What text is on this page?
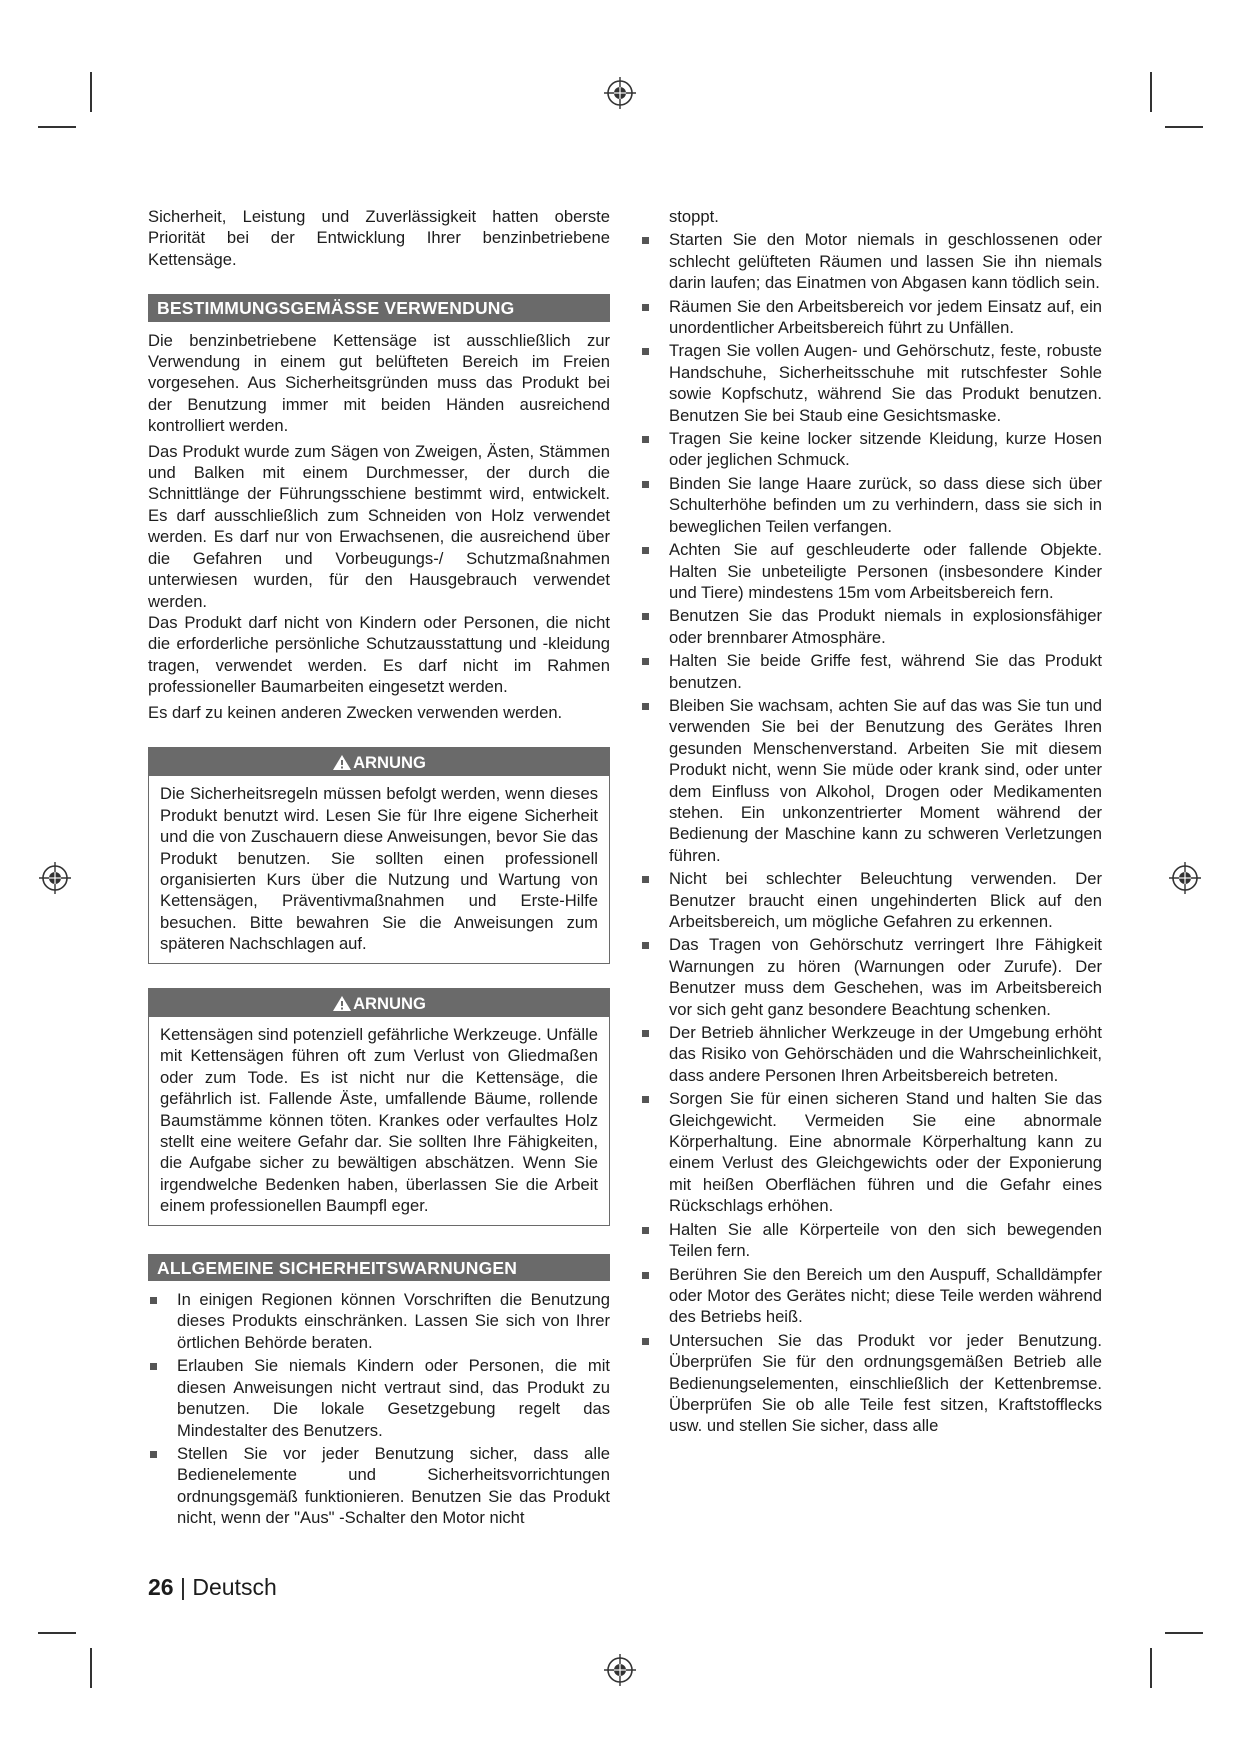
Sicherheit, Leistung und Zuverlässigkeit hatten oberste Priorität bei der Entwicklung Ihrer benzinbetriebene Kettensäge.

BESTIMMUNGSGEMÄSSE VERWENDUNG

Die benzinbetriebene Kettensäge ist ausschließlich zur Verwendung in einem gut belüfteten Bereich im Freien vorgesehen. Aus Sicherheitsgründen muss das Produkt bei der Benutzung immer mit beiden Händen ausreichend kontrolliert werden.

Das Produkt wurde zum Sägen von Zweigen, Ästen, Stämmen und Balken mit einem Durchmesser, der durch die Schnittlänge der Führungsschiene bestimmt wird, entwickelt. Es darf ausschließlich zum Schneiden von Holz verwendet werden. Es darf nur von Erwachsenen, die ausreichend über die Gefahren und Vorbeugungs-/ Schutzmaßnahmen unterwiesen wurden, für den Hausgebrauch verwendet werden.

Das Produkt darf nicht von Kindern oder Personen, die nicht die erforderliche persönliche Schutzausstattung und -kleidung tragen, verwendet werden. Es darf nicht im Rahmen professioneller Baumarbeiten eingesetzt werden.

Es darf zu keinen anderen Zwecken verwenden werden.

ARNUNG

Die Sicherheitsregeln müssen befolgt werden, wenn dieses Produkt benutzt wird. Lesen Sie für Ihre eigene Sicherheit und die von Zuschauern diese Anweisungen, bevor Sie das Produkt benutzen. Sie sollten einen professionell organisierten Kurs über die Nutzung und Wartung von Kettensägen, Präventivmaßnahmen und Erste-Hilfe besuchen. Bitte bewahren Sie die Anweisungen zum späteren Nachschlagen auf.

ARNUNG

Kettensägen sind potenziell gefährliche Werkzeuge. Unfälle mit Kettensägen führen oft zum Verlust von Gliedmaßen oder zum Tode. Es ist nicht nur die Kettensäge, die gefährlich ist. Fallende Äste, umfallende Bäume, rollende Baumstämme können töten. Krankes oder verfaultes Holz stellt eine weitere Gefahr dar. Sie sollten Ihre Fähigkeiten, die Aufgabe sicher zu bewältigen abschätzen. Wenn Sie irgendwelche Bedenken haben, überlassen Sie die Arbeit einem professionellen Baumpfl eger.

ALLGEMEINE SICHERHEITSWARNUNGEN
In einigen Regionen können Vorschriften die Benutzung dieses Produkts einschränken. Lassen Sie sich von Ihrer örtlichen Behörde beraten.
Erlauben Sie niemals Kindern oder Personen, die mit diesen Anweisungen nicht vertraut sind, das Produkt zu benutzen. Die lokale Gesetzgebung regelt das Mindestalter des Benutzers.
Stellen Sie vor jeder Benutzung sicher, dass alle Bedienelemente und Sicherheitsvorrichtungen ordnungsgemäß funktionieren. Benutzen Sie das Produkt nicht, wenn der "Aus" -Schalter den Motor nicht
stoppt.
Starten Sie den Motor niemals in geschlossenen oder schlecht gelüfteten Räumen und lassen Sie ihn niemals darin laufen; das Einatmen von Abgasen kann tödlich sein.
Räumen Sie den Arbeitsbereich vor jedem Einsatz auf, ein unordentlicher Arbeitsbereich führt zu Unfällen.
Tragen Sie vollen Augen- und Gehörschutz, feste, robuste Handschuhe, Sicherheitsschuhe mit rutschfester Sohle sowie Kopfschutz, während Sie das Produkt benutzen. Benutzen Sie bei Staub eine Gesichtsmaske.
Tragen Sie keine locker sitzende Kleidung, kurze Hosen oder jeglichen Schmuck.
Binden Sie lange Haare zurück, so dass diese sich über Schulterhöhe befinden um zu verhindern, dass sie sich in beweglichen Teilen verfangen.
Achten Sie auf geschleuderte oder fallende Objekte. Halten Sie unbeteiligte Personen (insbesondere Kinder und Tiere) mindestens 15m vom Arbeitsbereich fern.
Benutzen Sie das Produkt niemals in explosionsfähiger oder brennbarer Atmosphäre.
Halten Sie beide Griffe fest, während Sie das Produkt benutzen.
Bleiben Sie wachsam, achten Sie auf das was Sie tun und verwenden Sie bei der Benutzung des Gerätes Ihren gesunden Menschenverstand. Arbeiten Sie mit diesem Produkt nicht, wenn Sie müde oder krank sind, oder unter dem Einfluss von Alkohol, Drogen oder Medikamenten stehen. Ein unkonzentrierter Moment während der Bedienung der Maschine kann zu schweren Verletzungen führen.
Nicht bei schlechter Beleuchtung verwenden. Der Benutzer braucht einen ungehinderten Blick auf den Arbeitsbereich, um mögliche Gefahren zu erkennen.
Das Tragen von Gehörschutz verringert Ihre Fähigkeit Warnungen zu hören (Warnungen oder Zurufe). Der Benutzer muss dem Geschehen, was im Arbeitsbereich vor sich geht ganz besondere Beachtung schenken.
Der Betrieb ähnlicher Werkzeuge in der Umgebung erhöht das Risiko von Gehörschäden und die Wahrscheinlichkeit, dass andere Personen Ihren Arbeitsbereich betreten.
Sorgen Sie für einen sicheren Stand und halten Sie das Gleichgewicht. Vermeiden Sie eine abnormale Körperhaltung. Eine abnormale Körperhaltung kann zu einem Verlust des Gleichgewichts oder der Exponierung mit heißen Oberflächen führen und die Gefahr eines Rückschlags erhöhen.
Halten Sie alle Körperteile von den sich bewegenden Teilen fern.
Berühren Sie den Bereich um den Auspuff, Schalldämpfer oder Motor des Gerätes nicht; diese Teile werden während des Betriebs heiß.
Untersuchen Sie das Produkt vor jeder Benutzung. Überprüfen Sie für den ordnungsgemäßen Betrieb alle Bedienungselementen, einschließlich der Kettenbremse. Überprüfen Sie ob alle Teile fest sitzen, Kraftstofflecks usw. und stellen Sie sicher, dass alle
26 | Deutsch
